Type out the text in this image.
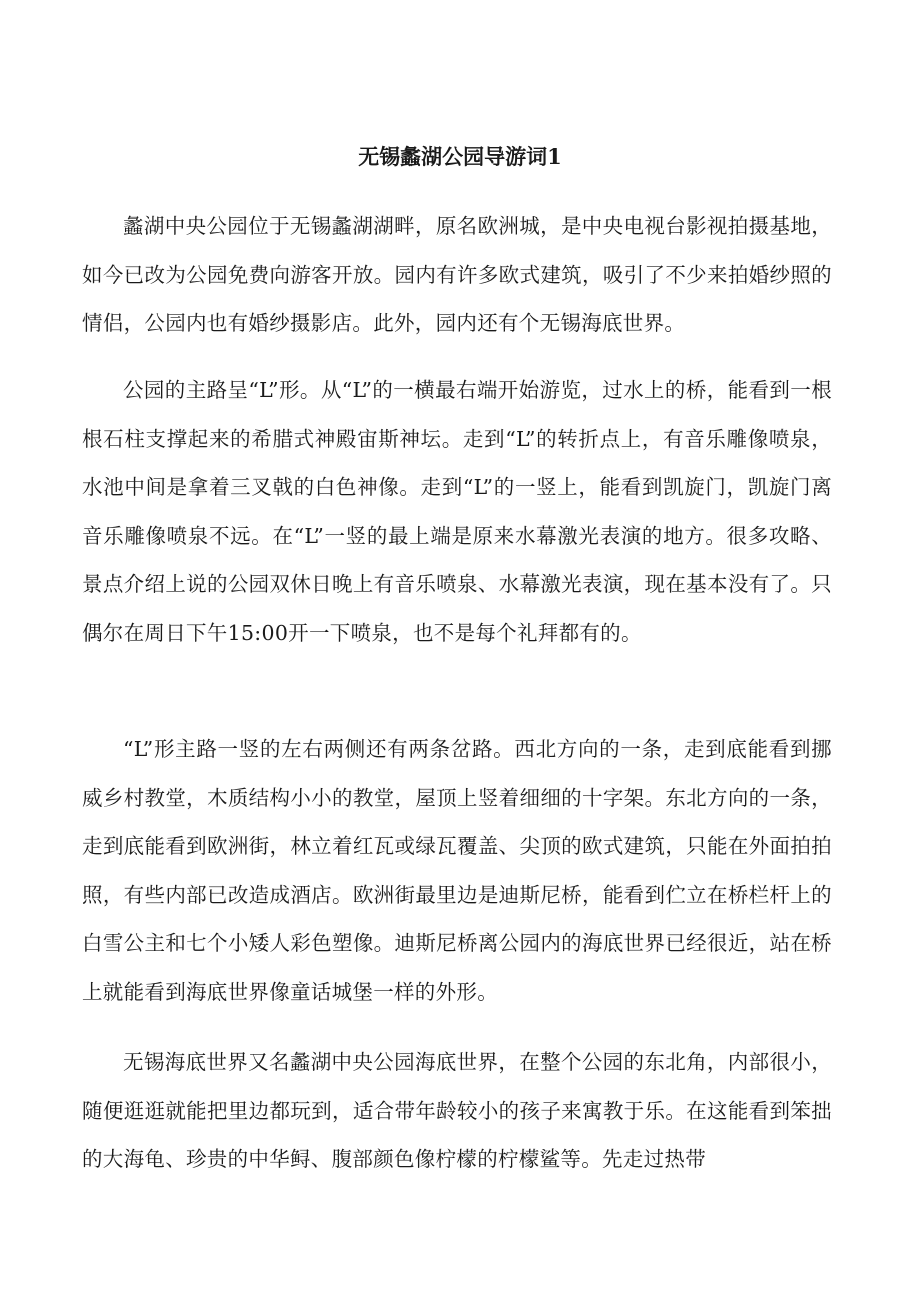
无锡蠡湖公园导游词1

蠡湖中央公园位于无锡蠡湖湖畔，原名欧洲城，是中央电视台影视拍摄基地，如今已改为公园免费向游客开放。园内有许多欧式建筑，吸引了不少来拍婚纱照的情侣，公园内也有婚纱摄影店。此外，园内还有个无锡海底世界。

公园的主路呈“L”形。从“L”的一横最右端开始游览，过水上的桥，能看到一根根石柱支撑起来的希腊式神殿宙斯神坛。走到“L”的转折点上，有音乐雕像喷泉，水池中间是拿着三叉戟的白色神像。走到“L”的一竖上，能看到凯旋门，凯旋门离音乐雕像喷泉不远。在“L”一竖的最上端是原来水幕激光表演的地方。很多攻略、景点介绍上说的公园双休日晚上有音乐喷泉、水幕激光表演，现在基本没有了。只偶尔在周日下午15:00开一下喷泉，也不是每个礼拜都有的。

“L”形主路一竖的左右两侧还有两条岔路。西北方向的一条，走到底能看到挪威乡村教堂，木质结构小小的教堂，屋顶上竖着细细的十字架。东北方向的一条，走到底能看到欧洲街，林立着红瓦或绿瓦覆盖、尖顶的欧式建筑，只能在外面拍拍照，有些内部已改造成酒店。欧洲街最里边是迪斯尼桥，能看到伫立在桥栏杆上的白雪公主和七个小矮人彩色塑像。迪斯尼桥离公园内的海底世界已经很近，站在桥上就能看到海底世界像童话城堡一样的外形。

无锡海底世界又名蠡湖中央公园海底世界，在整个公园的东北角，内部很小，随便逛逛就能把里边都玩到，适合带年龄较小的孩子来寓教于乐。在这能看到笨拙的大海龟、珍贵的中华鲟、腹部颜色像柠檬的柠檬鲨等。先走过热带
